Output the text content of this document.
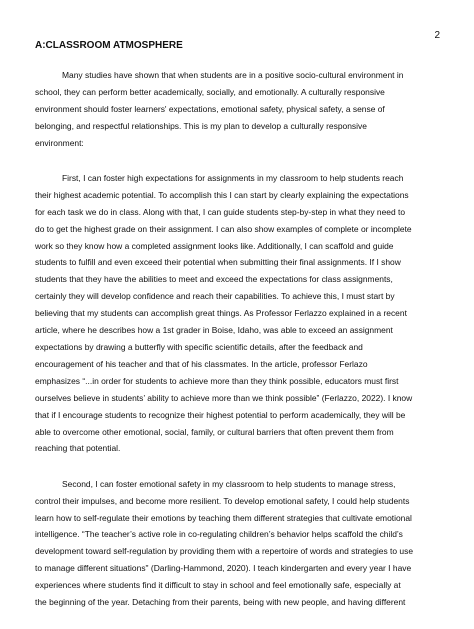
2
A:CLASSROOM ATMOSPHERE

Many studies have shown that when students are in a positive socio-cultural environment in
school, they can perform better academically, socially, and emotionally. A culturally responsive
environment should foster learners' expectations, emotional safety, physical safety, a sense of
belonging, and respectful relationships. This is my plan to develop a culturally responsive
environment:

First, I can foster high expectations for assignments in my classroom to help students reach
their highest academic potential. To accomplish this I can start by clearly explaining the expectations
for each task we do in class. Along with that, I can guide students step-by-step in what they need to
do to get the highest grade on their assignment. I can also show examples of complete or incomplete
work so they know how a completed assignment looks like. Additionally, I can scaffold and guide
students to fulfill and even exceed their potential when submitting their final assignments. If I show
students that they have the abilities to meet and exceed the expectations for class assignments,
certainly they will develop confidence and reach their capabilities. To achieve this, I must start by
believing that my students can accomplish great things. As Professor Ferlazzo explained in a recent
article, where he describes how a 1st grader in Boise, Idaho, was able to exceed an assignment
expectations by drawing a butterfly with specific scientific details, after the feedback and
encouragement of his teacher and that of his classmates. In the article, professor Ferlazo
emphasizes “...in order for students to achieve more than they think possible, educators must first
ourselves believe in students’ ability to achieve more than we think possible” (Ferlazzo, 2022). I know
that if I encourage students to recognize their highest potential to perform academically, they will be
able to overcome other emotional, social, family, or cultural barriers that often prevent them from
reaching that potential.

Second, I can foster emotional safety in my classroom to help students to manage stress,
control their impulses, and become more resilient. To develop emotional safety, I could help students
learn how to self-regulate their emotions by teaching them different strategies that cultivate emotional
intelligence. “The teacher’s active role in co-regulating children’s behavior helps scaffold the child’s
development toward self-regulation by providing them with a repertoire of words and strategies to use
to manage different situations" (Darling-Hammond, 2020). I teach kindergarten and every year I have
experiences where students find it difficult to stay in school and feel emotionally safe, especially at
the beginning of the year. Detaching from their parents, being with new people, and having different
